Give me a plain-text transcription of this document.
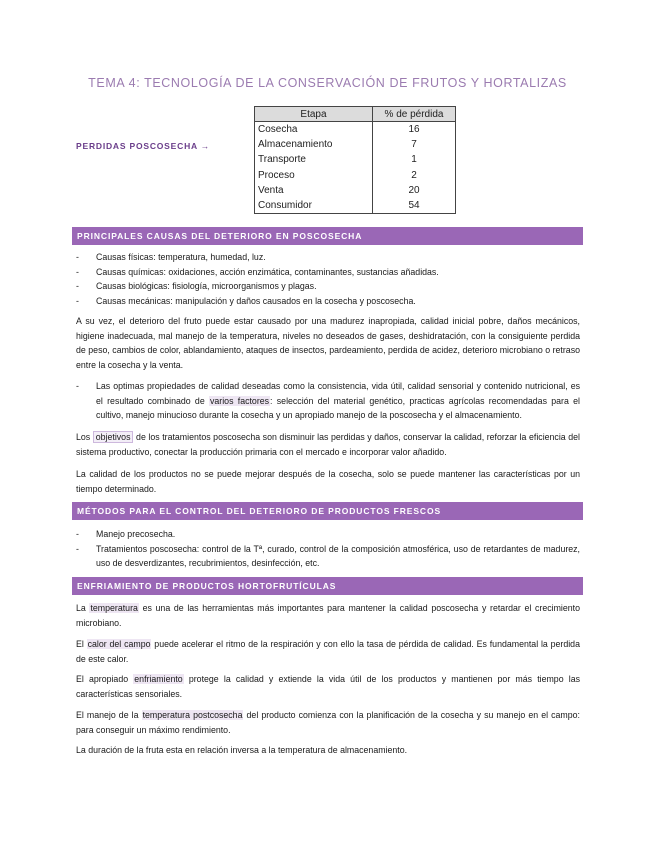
TEMA 4: TECNOLOGÍA DE LA CONSERVACIÓN DE FRUTOS Y HORTALIZAS
PERDIDAS POSCOSECHA →
Etapa	% de pérdida
Cosecha	16
Almacenamiento	7
Transporte	1
Proceso	2
Venta	20
Consumidor	54
PRINCIPALES CAUSAS DEL DETERIORO EN POSCOSECHA
- Causas físicas: temperatura, humedad, luz.
- Causas químicas: oxidaciones, acción enzimática, contaminantes, sustancias añadidas.
- Causas biológicas: fisiología, microorganismos y plagas.
- Causas mecánicas: manipulación y daños causados en la cosecha y poscosecha.

A su vez, el deterioro del fruto puede estar causado por una madurez inapropiada, calidad inicial pobre, daños mecánicos, higiene inadecuada, mal manejo de la temperatura, niveles no deseados de gases, deshidratación, con la consiguiente perdida de peso, cambios de color, ablandamiento, ataques de insectos, pardeamiento, perdida de acidez, deterioro microbiano o retraso entre la cosecha y la venta.

- Las optimas propiedades de calidad deseadas como la consistencia, vida útil, calidad sensorial y contenido nutricional, es el resultado combinado de varios factores: selección del material genético, practicas agrícolas recomendadas para el cultivo, manejo minucioso durante la cosecha y un apropiado manejo de la poscosecha y el almacenamiento.

Los objetivos de los tratamientos poscosecha son disminuir las perdidas y daños, conservar la calidad, reforzar la eficiencia del sistema productivo, conectar la producción primaria con el mercado e incorporar valor añadido.

La calidad de los productos no se puede mejorar después de la cosecha, solo se puede mantener las características por un tiempo determinado.

MÉTODOS PARA EL CONTROL DEL DETERIORO DE PRODUCTOS FRESCOS
- Manejo precosecha.
- Tratamientos poscosecha: control de la Tª, curado, control de la composición atmosférica, uso de retardantes de madurez, uso de desverdizantes, recubrimientos, desinfección, etc.
ENFRIAMIENTO DE PRODUCTOS HORTOFRUTÍCULAS

La temperatura es una de las herramientas más importantes para mantener la calidad poscosecha y retardar el crecimiento microbiano.

El calor del campo puede acelerar el ritmo de la respiración y con ello la tasa de pérdida de calidad. Es fundamental la perdida de este calor.

El apropiado enfriamiento protege la calidad y extiende la vida útil de los productos y mantienen por más tiempo las características sensoriales.

El manejo de la temperatura postcosecha del producto comienza con la planificación de la cosecha y su manejo en el campo: para conseguir un máximo rendimiento.

La duración de la fruta esta en relación inversa a la temperatura de almacenamiento.
